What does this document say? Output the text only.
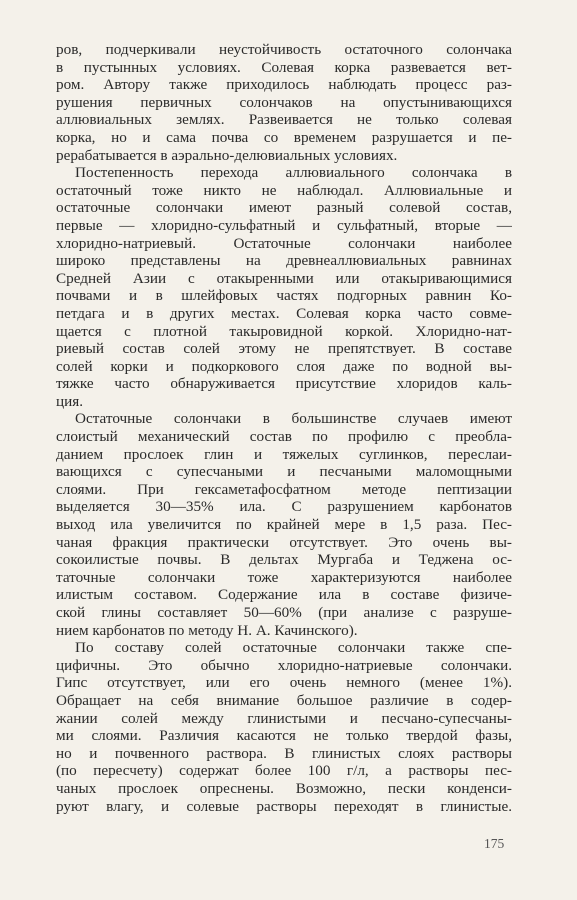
ров, подчеркивали неустойчивость остаточного солончака
в пустынных условиях. Солевая корка развевается вет-
ром. Автору также приходилось наблюдать процесс раз-
рушения первичных солончаков на опустынивающихся
аллювиальных землях. Развеивается не только солевая
корка, но и сама почва со временем разрушается и пе-
рерабатывается в аэрально-делювиальных условиях.

Постепенность перехода аллювиального солончака в
остаточный тоже никто не наблюдал. Аллювиальные и
остаточные солончаки имеют разный солевой состав,
первые — хлоридно-сульфатный и сульфатный, вторые —
хлоридно-натриевый. Остаточные солончаки наиболее
широко представлены на древнеаллювиальных равнинах
Средней Азии с отакыренными или отакыривающимися
почвами и в шлейфовых частях подгорных равнин Ко-
петдага и в других местах. Солевая корка часто совме-
щается с плотной такыровидной коркой. Хлоридно-нат-
риевый состав солей этому не препятствует. В составе
солей корки и подкоркового слоя даже по водной вы-
тяжке часто обнаруживается присутствие хлоридов каль-
ция.

Остаточные солончаки в большинстве случаев имеют
слоистый механический состав по профилю с преобла-
данием прослоек глин и тяжелых суглинков, переслаи-
вающихся с супесчаными и песчаными маломощными
слоями. При гексаметафосфатном методе пептизации
выделяется 30—35% ила. С разрушением карбонатов
выход ила увеличится по крайней мере в 1,5 раза. Пес-
чаная фракция практически отсутствует. Это очень вы-
сокоилистые почвы. В дельтах Мургаба и Теджена ос-
таточные солончаки тоже характеризуются наиболее
илистым составом. Содержание ила в составе физиче-
ской глины составляет 50—60% (при анализе с разруше-
нием карбонатов по методу Н. А. Качинского).

По составу солей остаточные солончаки также спе-
цифичны. Это обычно хлоридно-натриевые солончаки.
Гипс отсутствует, или его очень немного (менее 1%).
Обращает на себя внимание большое различие в содер-
жании солей между глинистыми и песчано-супесчаны-
ми слоями. Различия касаются не только твердой фазы,
но и почвенного раствора. В глинистых слоях растворы
(по пересчету) содержат более 100 г/л, а растворы пес-
чаных прослоек опреснены. Возможно, пески конденси-
руют влагу, и солевые растворы переходят в глинистые.

175
